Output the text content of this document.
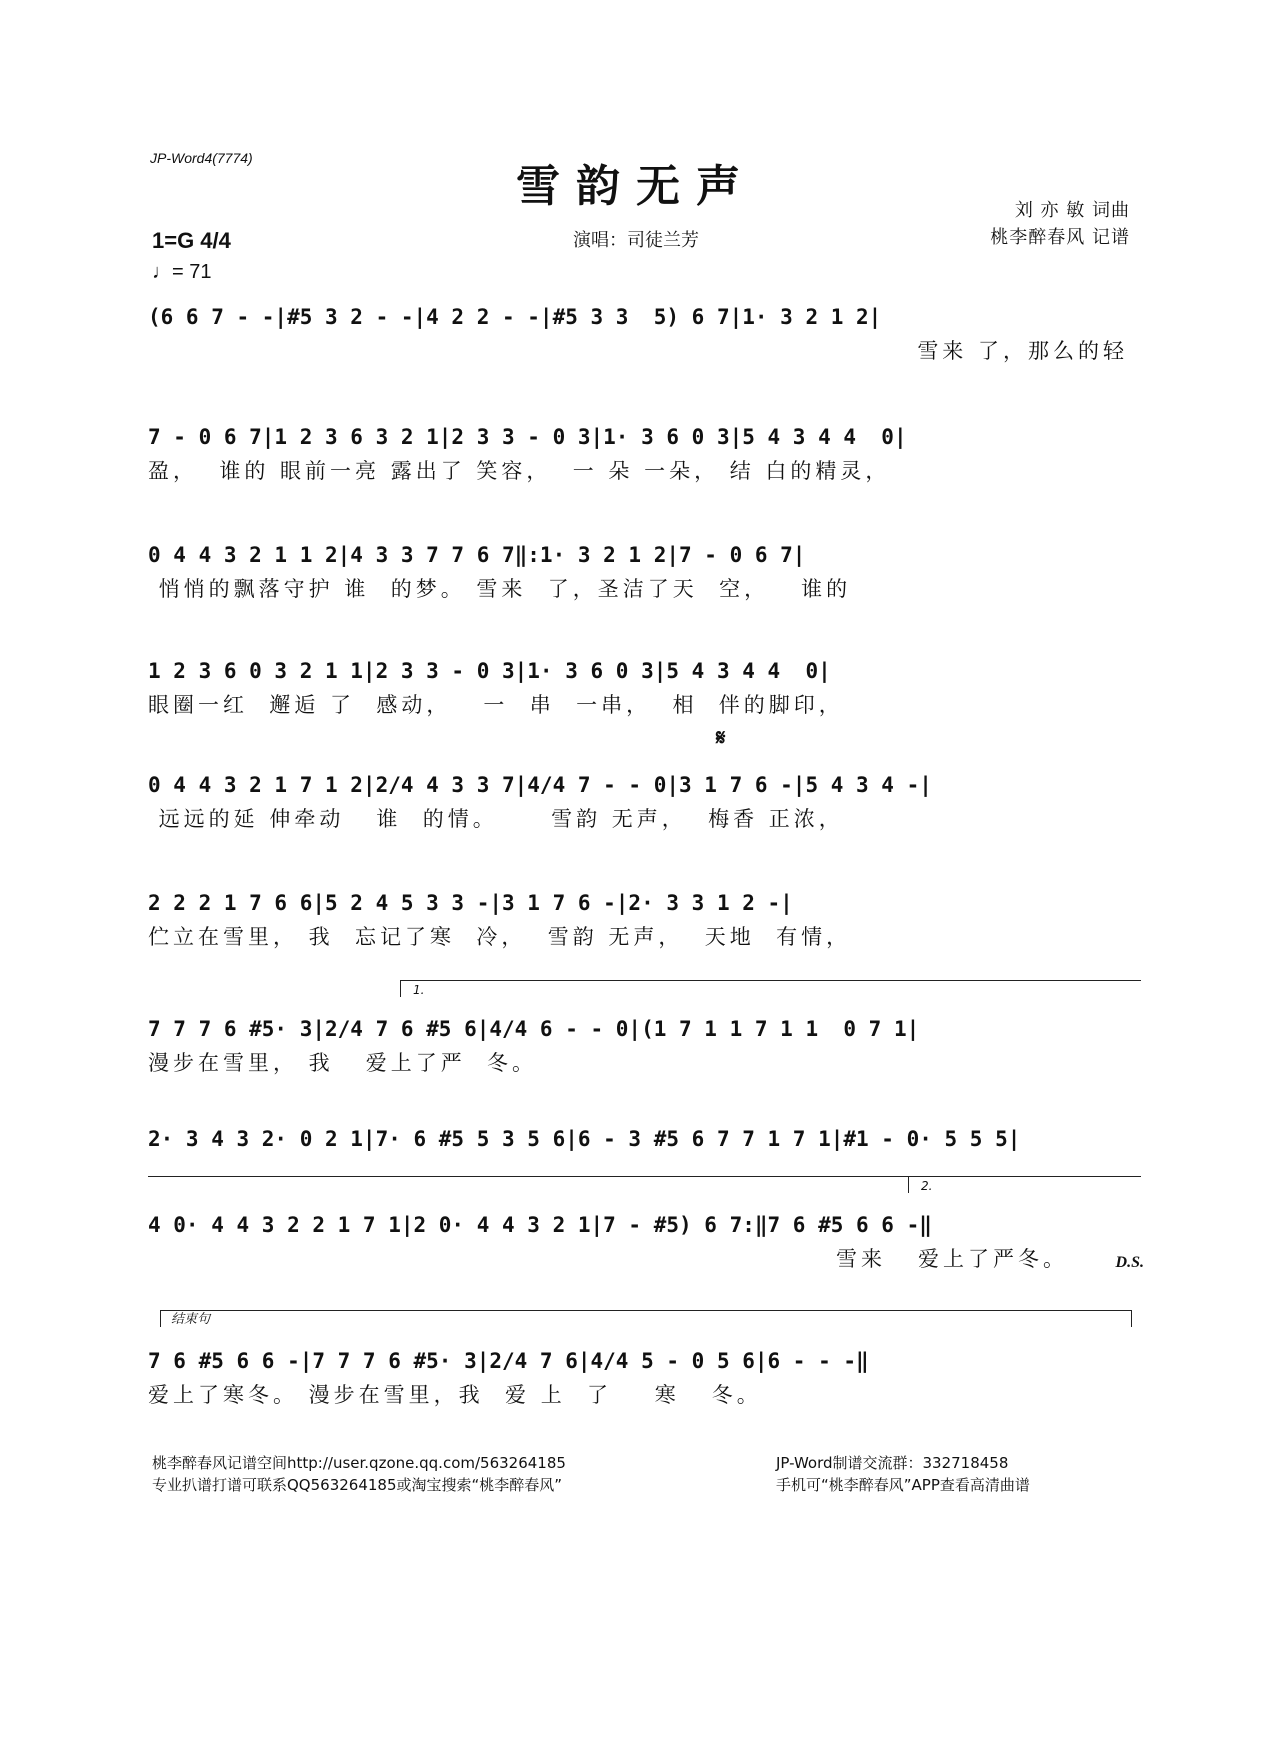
JP-Word4(7774)
雪韵无声	刘 亦 敏 词曲
桃李醉春风 记谱
演唱：司徒兰芳
1=G 4/4
♩= 71
𝄋
(6 6 7 - -|#5 3 2 - -|4 2 2 - -|#5 3 3  5) 6 7|1· 3 2 1 2|
雪来 了，那么的轻
7 - 0 6 7|1 2 3 6 3 2 1|2 3 3 - 0 3|1· 3 6 0 3|5 4 3 4 4  0|
盈，  谁的 眼前一亮 露出了 笑容，  一 朵 一朵， 结 白的精灵，
0 4 4 3 2 1 1 2|4 3 3 7 7 6 7‖:1· 3 2 1 2|7 - 0 6 7|
悄悄的飘落守护 谁  的梦。 雪来  了，圣洁了天  空，   谁的
1 2 3 6 0 3 2 1 1|2 3 3 - 0 3|1· 3 6 0 3|5 4 3 4 4  0|
眼圈一红  邂逅 了  感动，   一  串  一串，  相  伴的脚印，
0 4 4 3 2 1 7 1 2|2/4 4 3 3 7|4/4 7 - - 0|3 1 7 6 -|5 4 3 4 -|
远远的延 伸牵动   谁  的情。     雪韵 无声，  梅香 正浓，
2 2 2 1 7 6 6|5 2 4 5 3 3 -|3 1 7 6 -|2· 3 3 1 2 -|
伫立在雪里， 我  忘记了寒  冷，  雪韵 无声，  天地  有情，
1.
7 7 7 6 #5· 3|2/4 7 6 #5 6|4/4 6 - - 0|(1 7 1 1 7 1 1  0 7 1|
漫步在雪里， 我   爱上了严  冬。
2· 3 4 3 2· 0 2 1|7· 6 #5 5 3 5 6|6 - 3 #5 6 7 7 1 7 1|#1 - 0· 5 5 5|
2.
4 0· 4 4 3 2 2 1 7 1|2 0· 4 4 3 2 1|7 - #5) 6 7:‖7 6 #5 6 6 -‖
雪来   爱上了严冬。	D.S.
结束句
7 6 #5 6 6 -|7 7 7 6 #5· 3|2/4 7 6|4/4 5 - 0 5 6|6 - - -‖
爱上了寒冬。 漫步在雪里，我  爱 上  了    寒   冬。
桃李醉春风记谱空间http://user.qzone.qq.com/563264185
专业扒谱打谱可联系QQ563264185或淘宝搜索“桃李醉春风”
JP-Word制谱交流群：332718458
手机可“桃李醉春风”APP查看高清曲谱
